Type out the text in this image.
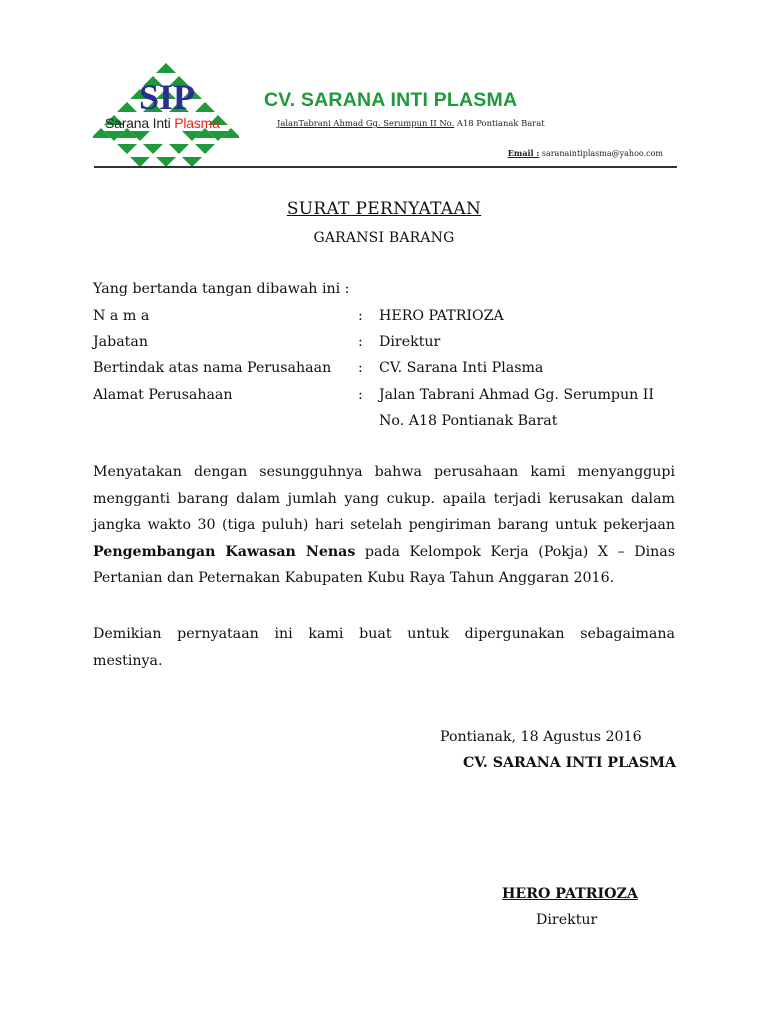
SIP
Sarana Inti Plasma
CV. SARANA INTI PLASMA
JalanTabrani Ahmad Gg. Serumpun II No. A18 Pontianak Barat
Email : saranaintiplasma@yahoo.com
SURAT PERNYATAAN
GARANSI BARANG
Yang bertanda tangan dibawah ini :
N a m a	: HERO PATRIOZA
Jabatan	: Direktur
Bertindak atas nama Perusahaan : CV. Sarana Inti Plasma
Alamat Perusahaan	: Jalan Tabrani Ahmad Gg. Serumpun II
No. A18 Pontianak Barat
Menyatakan dengan sesungguhnya bahwa perusahaan kami menyanggupi
mengganti barang dalam jumlah yang cukup. apaila terjadi kerusakan dalam
jangka wakto 30 (tiga puluh) hari setelah pengiriman barang untuk pekerjaan
Pengembangan Kawasan Nenas pada Kelompok Kerja (Pokja) X – Dinas
Pertanian dan Peternakan Kabupaten Kubu Raya Tahun Anggaran 2016.
Demikian pernyataan ini kami buat untuk dipergunakan sebagaimana
mestinya.
Pontianak, 18 Agustus 2016
CV. SARANA INTI PLASMA
HERO PATRIOZA
Direktur
